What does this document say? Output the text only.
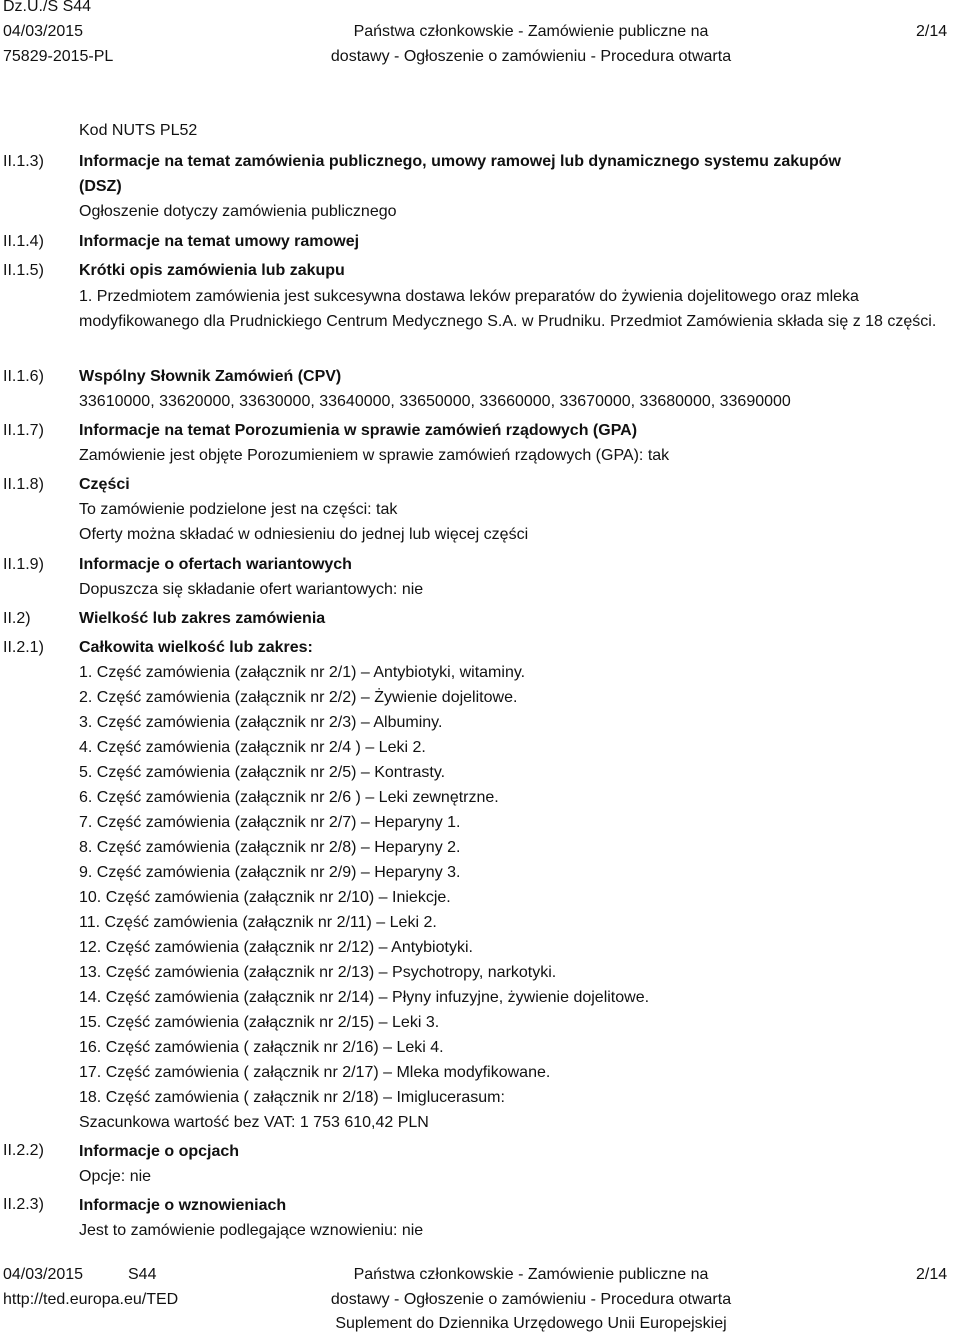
Dz.U./S S44
04/03/2015
75829-2015-PL
Państwa członkowskie - Zamówienie publiczne na
dostawy - Ogłoszenie o zamówieniu - Procedura otwarta
2/14
II.1.3)
II.1.4)
II.1.5)
II.1.6)
II.1.7)
II.1.8)
II.1.9)
II.2)
II.2.1)
II.2.2)
II.2.3)
Kod NUTS PL52
Informacje na temat zamówienia publicznego, umowy ramowej lub dynamicznego systemu zakupów
(DSZ)
Ogłoszenie dotyczy zamówienia publicznego
Informacje na temat umowy ramowej
Krótki opis zamówienia lub zakupu
1. Przedmiotem zamówienia jest sukcesywna dostawa leków preparatów do żywienia dojelitowego oraz mleka modyfikowanego dla Prudnickiego Centrum Medycznego S.A. w Prudniku. Przedmiot Zamówienia składa się z 18 części.
Wspólny Słownik Zamówień (CPV)
33610000, 33620000, 33630000, 33640000, 33650000, 33660000, 33670000, 33680000, 33690000
Informacje na temat Porozumienia w sprawie zamówień rządowych (GPA)
Zamówienie jest objęte Porozumieniem w sprawie zamówień rządowych (GPA): tak
Części
To zamówienie podzielone jest na części: tak
Oferty można składać w odniesieniu do jednej lub więcej części
Informacje o ofertach wariantowych
Dopuszcza się składanie ofert wariantowych: nie
Wielkość lub zakres zamówienia
Całkowita wielkość lub zakres:
1. Część zamówienia (załącznik nr 2/1) – Antybiotyki, witaminy.
2. Część zamówienia (załącznik nr 2/2) – Żywienie dojelitowe.
3. Część zamówienia (załącznik nr 2/3) – Albuminy.
4. Część zamówienia (załącznik nr 2/4 ) – Leki 2.
5. Część zamówienia (załącznik nr 2/5) – Kontrasty.
6. Część zamówienia (załącznik nr 2/6 ) – Leki zewnętrzne.
7. Część zamówienia (załącznik nr 2/7) – Heparyny 1.
8. Część zamówienia (załącznik nr 2/8) – Heparyny 2.
9. Część zamówienia (załącznik nr 2/9) – Heparyny 3.
10. Część zamówienia (załącznik nr 2/10) – Iniekcje.
11. Część zamówienia (załącznik nr 2/11) – Leki 2.
12. Część zamówienia (załącznik nr 2/12) – Antybiotyki.
13. Część zamówienia (załącznik nr 2/13) – Psychotropy, narkotyki.
14. Część zamówienia (załącznik nr 2/14) – Płyny infuzyjne, żywienie dojelitowe.
15. Część zamówienia (załącznik nr 2/15) – Leki 3.
16. Część zamówienia ( załącznik nr 2/16) – Leki 4.
17. Część zamówienia ( załącznik nr 2/17) – Mleka modyfikowane.
18. Część zamówienia ( załącznik nr 2/18) – Imiglucerasum:
Szacunkowa wartość bez VAT: 1 753 610,42 PLN
Informacje o opcjach
Opcje: nie
Informacje o wznowieniach
Jest to zamówienie podlegające wznowieniu: nie
04/03/2015	S44
http://ted.europa.eu/TED
Państwa członkowskie - Zamówienie publiczne na
dostawy - Ogłoszenie o zamówieniu - Procedura otwarta
Suplement do Dziennika Urzędowego Unii Europejskiej
2/14
